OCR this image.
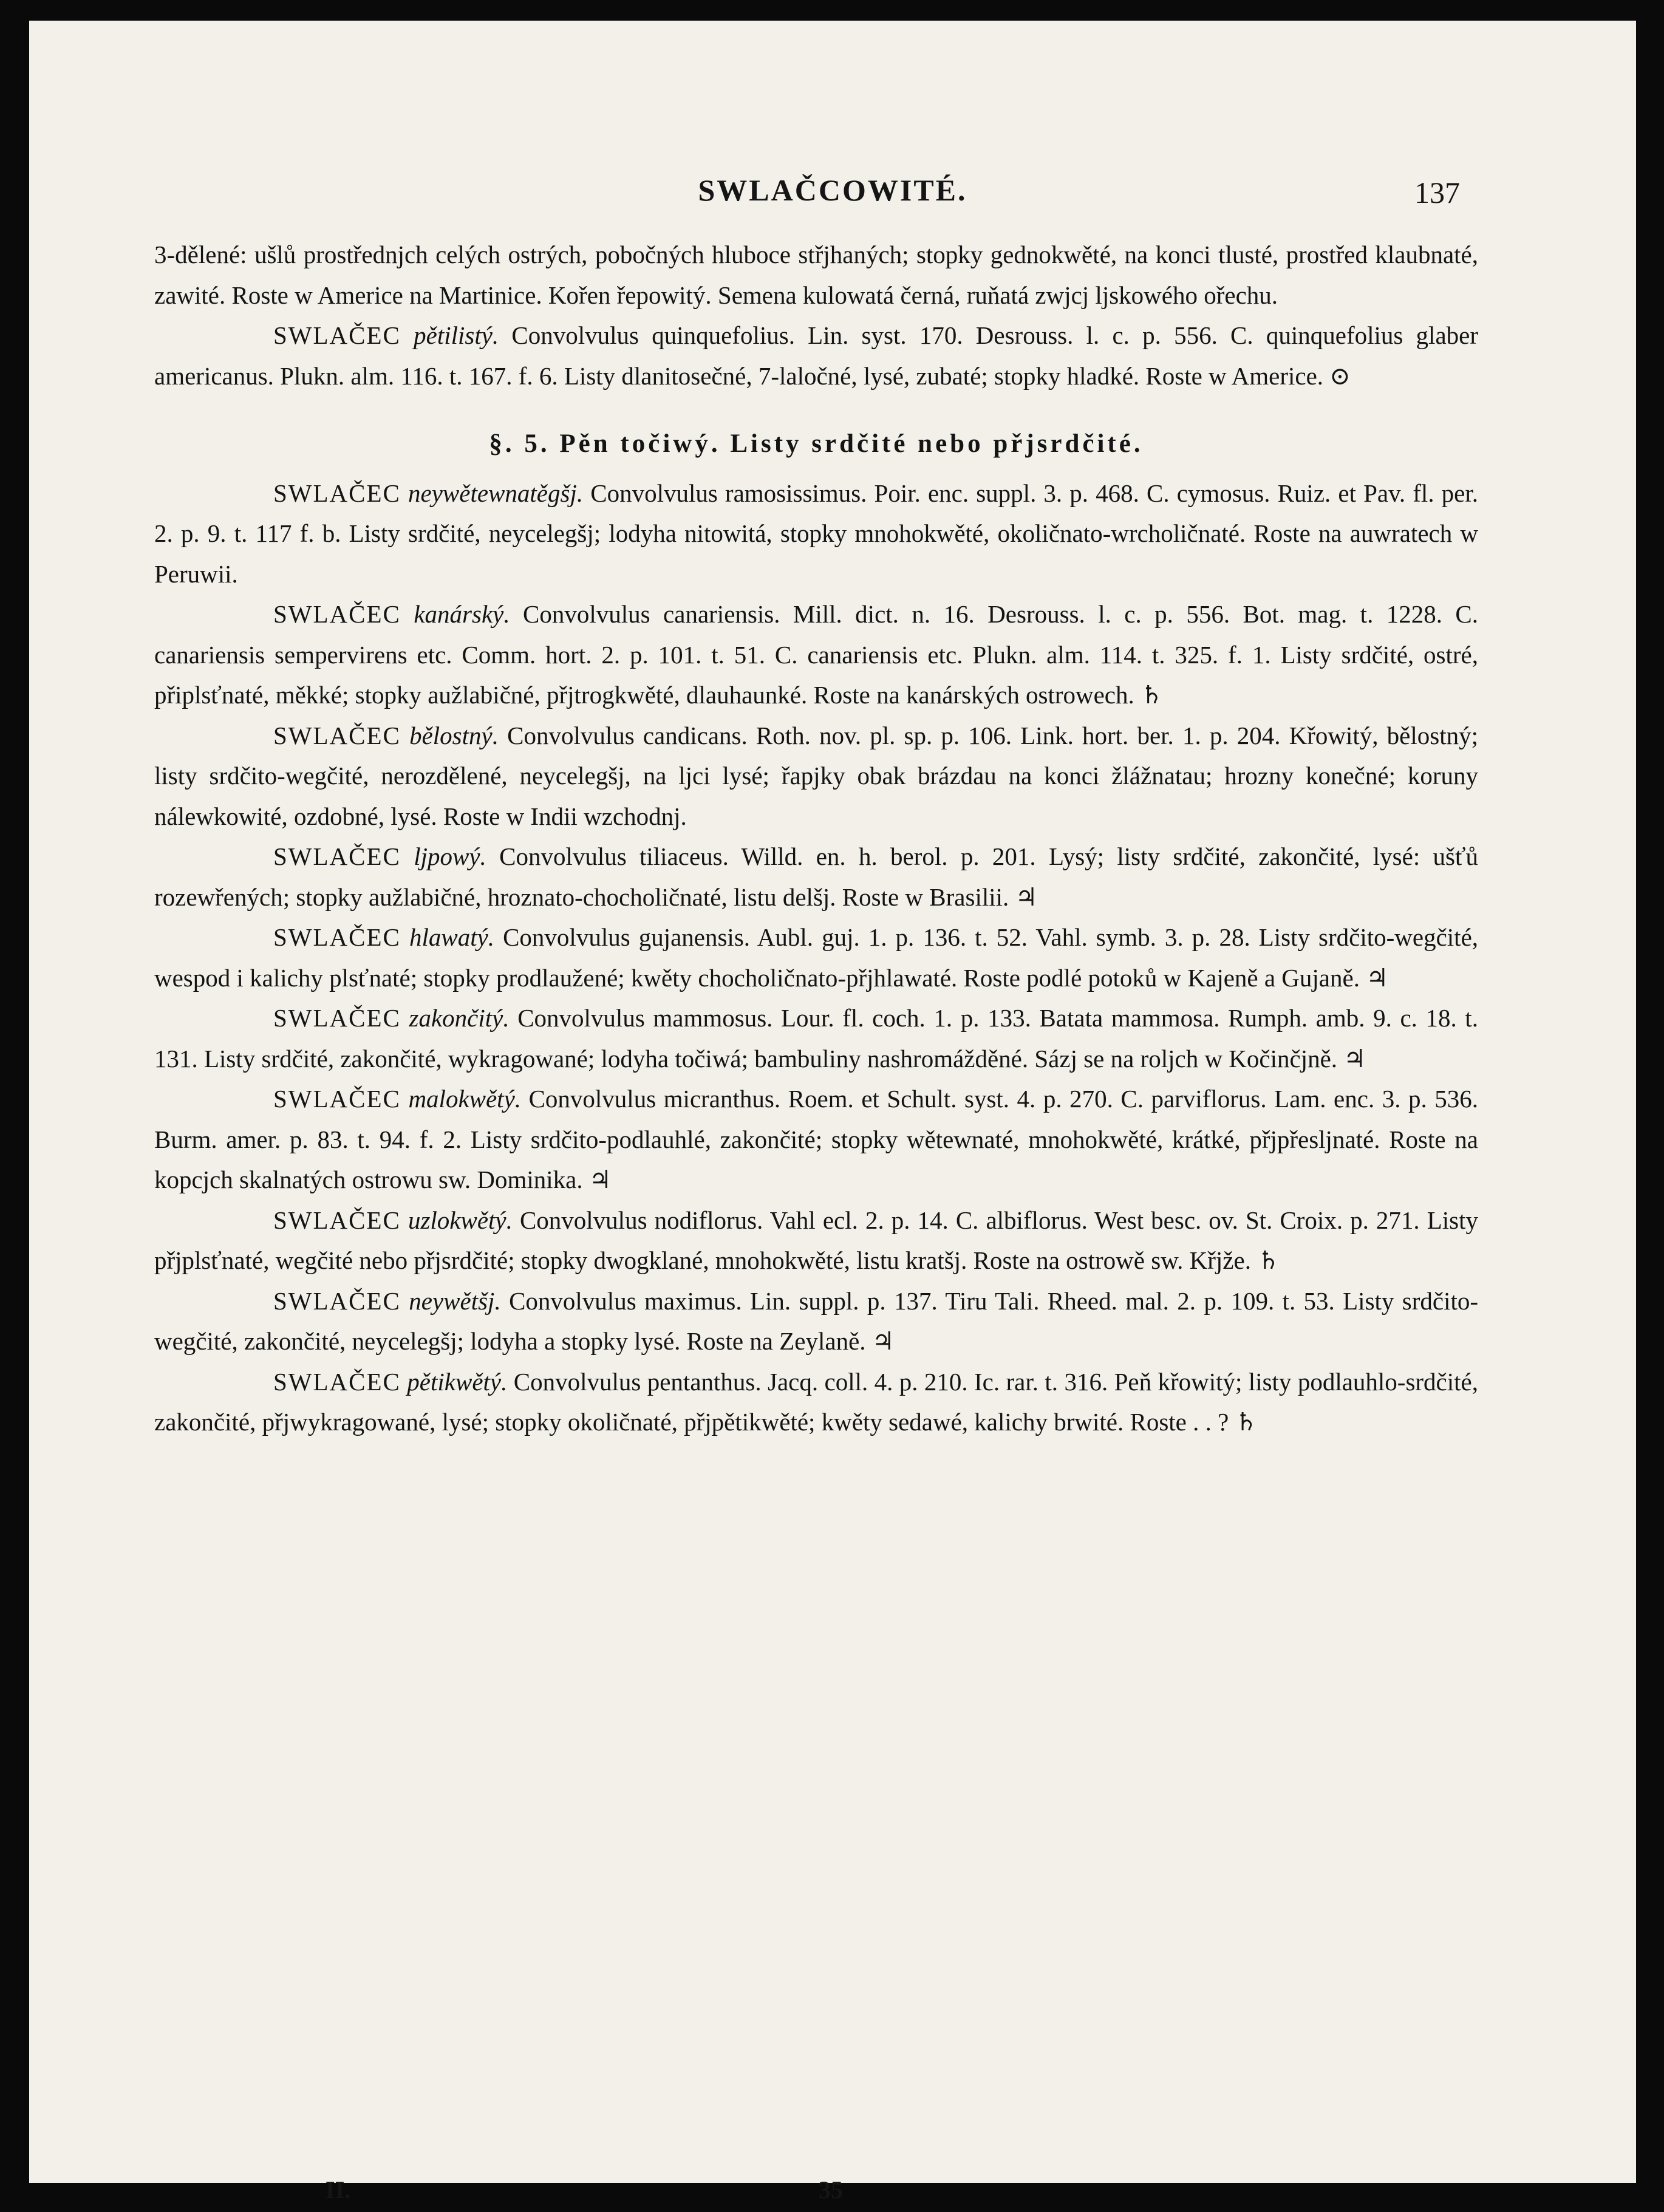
SWLAČCOWITÉ.	137

3-dělené: ušlů prostřednjch celých ostrých, pobočných hluboce střjhaných; stopky gednokwěté, na konci tlusté, prostřed klaubnaté, zawité. Roste w Americe na Martinice. Kořen řepowitý. Semena kulowatá černá, ruňatá zwjcj ljskowého ořechu.

SWLAČEC pětilistý. Convolvulus quinquefolius. Lin. syst. 170. Desrouss. l. c. p. 556. C. quinquefolius glaber americanus. Plukn. alm. 116. t. 167. f. 6. Listy dlanitosečné, 7-laločné, lysé, zubaté; stopky hladké. Roste w Americe. ⊙

§. 5. Pěn točiwý. Listy srdčité nebo přjsrdčité.

SWLAČEC neywětewnatěgšj. Convolvulus ramosissimus. Poir. enc. suppl. 3. p. 468. C. cymosus. Ruiz. et Pav. fl. per. 2. p. 9. t. 117 f. b. Listy srdčité, neycelegšj; lodyha nitowitá, stopky mnohokwěté, okoličnato-wrcholičnaté. Roste na auwratech w Peruwii.

SWLAČEC kanárský. Convolvulus canariensis. Mill. dict. n. 16. Desrouss. l. c. p. 556. Bot. mag. t. 1228. C. canariensis sempervirens etc. Comm. hort. 2. p. 101. t. 51. C. canariensis etc. Plukn. alm. 114. t. 325. f. 1. Listy srdčité, ostré, připlsťnaté, měkké; stopky aužlabičné, přjtrogkwěté, dlauhaunké. Roste na kanárských ostrowech. ♄

SWLAČEC bělostný. Convolvulus candicans. Roth. nov. pl. sp. p. 106. Link. hort. ber. 1. p. 204. Křowitý, bělostný; listy srdčito-wegčité, nerozdělené, neycelegšj, na ljci lysé; řapjky obak brázdau na konci žlážnatau; hrozny konečné; koruny nálewkowité, ozdobné, lysé. Roste w Indii wzchodnj.

SWLAČEC ljpowý. Convolvulus tiliaceus. Willd. en. h. berol. p. 201. Lysý; listy srdčité, zakončité, lysé: ušťů rozewřených; stopky aužlabičné, hroznato-chocholičnaté, listu delšj. Roste w Brasilii. ♃

SWLAČEC hlawatý. Convolvulus gujanensis. Aubl. guj. 1. p. 136. t. 52. Vahl. symb. 3. p. 28. Listy srdčito-wegčité, wespod i kalichy plsťnaté; stopky prodlaužené; kwěty chocholičnato-přjhlawaté. Roste podlé potoků w Kajeně a Gujaně. ♃

SWLAČEC zakončitý. Convolvulus mammosus. Lour. fl. coch. 1. p. 133. Batata mammosa. Rumph. amb. 9. c. 18. t. 131. Listy srdčité, zakončité, wykragowané; lodyha točiwá; bambuliny nashromážděné. Sázj se na roljch w Kočinčjně. ♃

SWLAČEC malokwětý. Convolvulus micranthus. Roem. et Schult. syst. 4. p. 270. C. parviflorus. Lam. enc. 3. p. 536. Burm. amer. p. 83. t. 94. f. 2. Listy srdčito-podlauhlé, zakončité; stopky wětewnaté, mnohokwěté, krátké, přjpřesljnaté. Roste na kopcjch skalnatých ostrowu sw. Dominika. ♃

SWLAČEC uzlokwětý. Convolvulus nodiflorus. Vahl ecl. 2. p. 14. C. albiflorus. West besc. ov. St. Croix. p. 271. Listy přjplsťnaté, wegčité nebo přjsrdčité; stopky dwogklané, mnohokwěté, listu kratšj. Roste na ostrowě sw. Křjže. ♄

SWLAČEC neywětšj. Convolvulus maximus. Lin. suppl. p. 137. Tiru Tali. Rheed. mal. 2. p. 109. t. 53. Listy srdčito-wegčité, zakončité, neycelegšj; lodyha a stopky lysé. Roste na Zeylaně. ♃

SWLAČEC pětikwětý. Convolvulus pentanthus. Jacq. coll. 4. p. 210. Ic. rar. t. 316. Peň křowitý; listy podlauhlo-srdčité, zakončité, přjwykragowané, lysé; stopky okoličnaté, přjpětikwěté; kwěty sedawé, kalichy brwité. Roste . . ? ♄

II.	35
